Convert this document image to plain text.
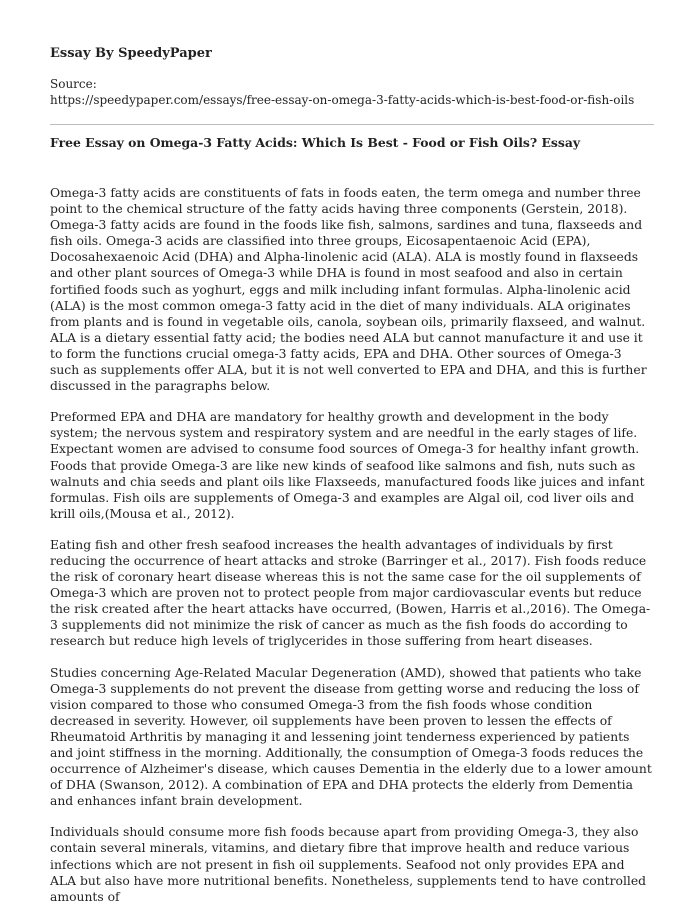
Essay By SpeedyPaper
Source:
https://speedypaper.com/essays/free-essay-on-omega-3-fatty-acids-which-is-best-food-or-fish-oils
Free Essay on Omega-3 Fatty Acids: Which Is Best - Food or Fish Oils? Essay

Omega-3 fatty acids are constituents of fats in foods eaten, the term omega and number three point to the chemical structure of the fatty acids having three components (Gerstein, 2018). Omega-3 fatty acids are found in the foods like fish, salmons, sardines and tuna, flaxseeds and fish oils. Omega-3 acids are classified into three groups, Eicosapentaenoic Acid (EPA), Docosahexaenoic Acid (DHA) and Alpha-linolenic acid (ALA). ALA is mostly found in flaxseeds and other plant sources of Omega-3 while DHA is found in most seafood and also in certain fortified foods such as yoghurt, eggs and milk including infant formulas. Alpha-linolenic acid (ALA) is the most common omega-3 fatty acid in the diet of many individuals. ALA originates from plants and is found in vegetable oils, canola, soybean oils, primarily flaxseed, and walnut. ALA is a dietary essential fatty acid; the bodies need ALA but cannot manufacture it and use it to form the functions crucial omega-3 fatty acids, EPA and DHA. Other sources of Omega-3 such as supplements offer ALA, but it is not well converted to EPA and DHA, and this is further discussed in the paragraphs below.

Preformed EPA and DHA are mandatory for healthy growth and development in the body system; the nervous system and respiratory system and are needful in the early stages of life. Expectant women are advised to consume food sources of Omega-3 for healthy infant growth. Foods that provide Omega-3 are like new kinds of seafood like salmons and fish, nuts such as walnuts and chia seeds and plant oils like Flaxseeds, manufactured foods like juices and infant formulas. Fish oils are supplements of Omega-3 and examples are Algal oil, cod liver oils and krill oils,(Mousa et al., 2012).

Eating fish and other fresh seafood increases the health advantages of individuals by first reducing the occurrence of heart attacks and stroke (Barringer et al., 2017). Fish foods reduce the risk of coronary heart disease whereas this is not the same case for the oil supplements of Omega-3 which are proven not to protect people from major cardiovascular events but reduce the risk created after the heart attacks have occurred, (Bowen, Harris et al.,2016). The Omega-3 supplements did not minimize the risk of cancer as much as the fish foods do according to research but reduce high levels of triglycerides in those suffering from heart diseases.

Studies concerning Age-Related Macular Degeneration (AMD), showed that patients who take Omega-3 supplements do not prevent the disease from getting worse and reducing the loss of vision compared to those who consumed Omega-3 from the fish foods whose condition decreased in severity. However, oil supplements have been proven to lessen the effects of Rheumatoid Arthritis by managing it and lessening joint tenderness experienced by patients and joint stiffness in the morning. Additionally, the consumption of Omega-3 foods reduces the occurrence of Alzheimer's disease, which causes Dementia in the elderly due to a lower amount of DHA (Swanson, 2012). A combination of EPA and DHA protects the elderly from Dementia and enhances infant brain development.

Individuals should consume more fish foods because apart from providing Omega-3, they also contain several minerals, vitamins, and dietary fibre that improve health and reduce various infections which are not present in fish oil supplements. Seafood not only provides EPA and ALA but also have more nutritional benefits. Nonetheless, supplements tend to have controlled amounts of
